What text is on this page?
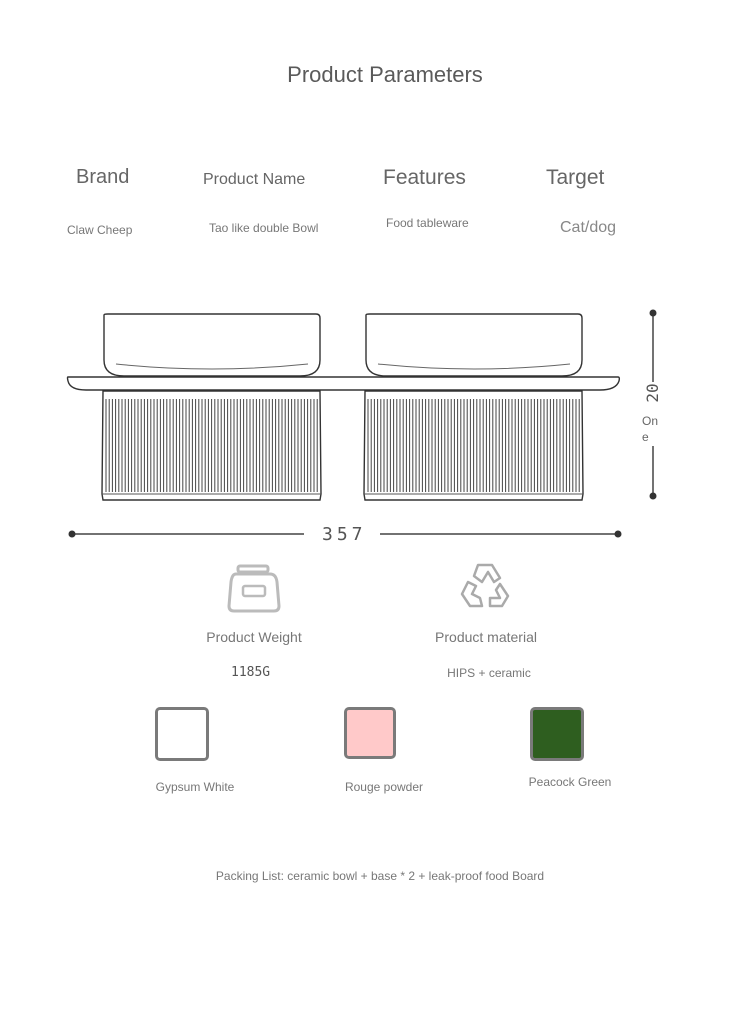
Product Parameters
Brand	Product Name	Features	Target
Claw Cheep	Tao like double Bowl	Food tableware	Cat/dog
20
On
e
357
Product Weight
1185G
Product material
HIPS + ceramic
Gypsum White	Rouge powder	Peacock Green
Packing List: ceramic bowl + base * 2 + leak-proof food Board
